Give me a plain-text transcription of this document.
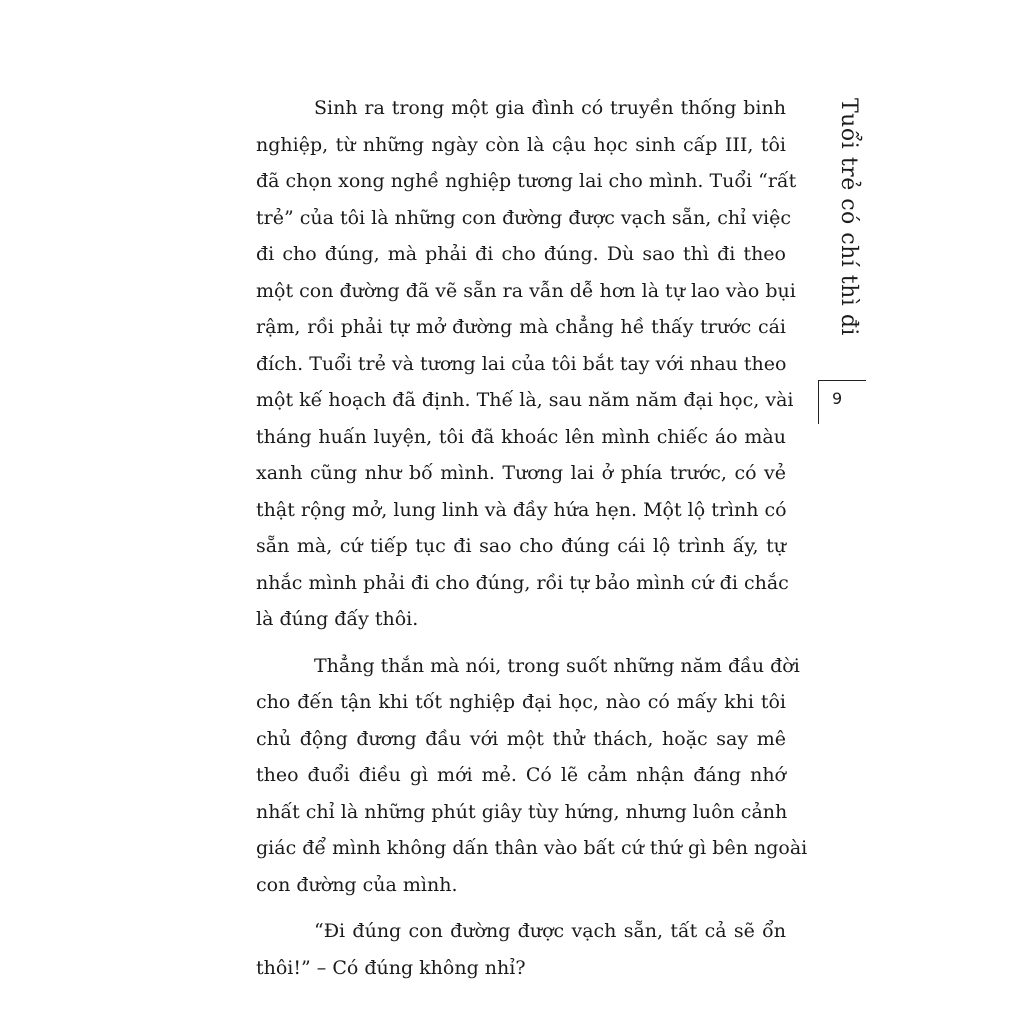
Sinh ra trong một gia đình có truyền thống binh
nghiệp, từ những ngày còn là cậu học sinh cấp III, tôi
đã chọn xong nghề nghiệp tương lai cho mình. Tuổi “rất
trẻ” của tôi là những con đường được vạch sẵn, chỉ việc
đi cho đúng, mà phải đi cho đúng. Dù sao thì đi theo
một con đường đã vẽ sẵn ra vẫn dễ hơn là tự lao vào bụi
rậm, rồi phải tự mở đường mà chẳng hề thấy trước cái
đích. Tuổi trẻ và tương lai của tôi bắt tay với nhau theo
một kế hoạch đã định. Thế là, sau năm năm đại học, vài
tháng huấn luyện, tôi đã khoác lên mình chiếc áo màu
xanh cũng như bố mình. Tương lai ở phía trước, có vẻ
thật rộng mở, lung linh và đầy hứa hẹn. Một lộ trình có
sẵn mà, cứ tiếp tục đi sao cho đúng cái lộ trình ấy, tự
nhắc mình phải đi cho đúng, rồi tự bảo mình cứ đi chắc
là đúng đấy thôi.
Thẳng thắn mà nói, trong suốt những năm đầu đời
cho đến tận khi tốt nghiệp đại học, nào có mấy khi tôi
chủ động đương đầu với một thử thách, hoặc say mê
theo đuổi điều gì mới mẻ. Có lẽ cảm nhận đáng nhớ
nhất chỉ là những phút giây tùy hứng, nhưng luôn cảnh
giác để mình không dấn thân vào bất cứ thứ gì bên ngoài
con đường của mình.
“Đi đúng con đường được vạch sẵn, tất cả sẽ ổn
thôi!” – Có đúng không nhỉ?
Tuổi trẻ có chí thì đi
9
